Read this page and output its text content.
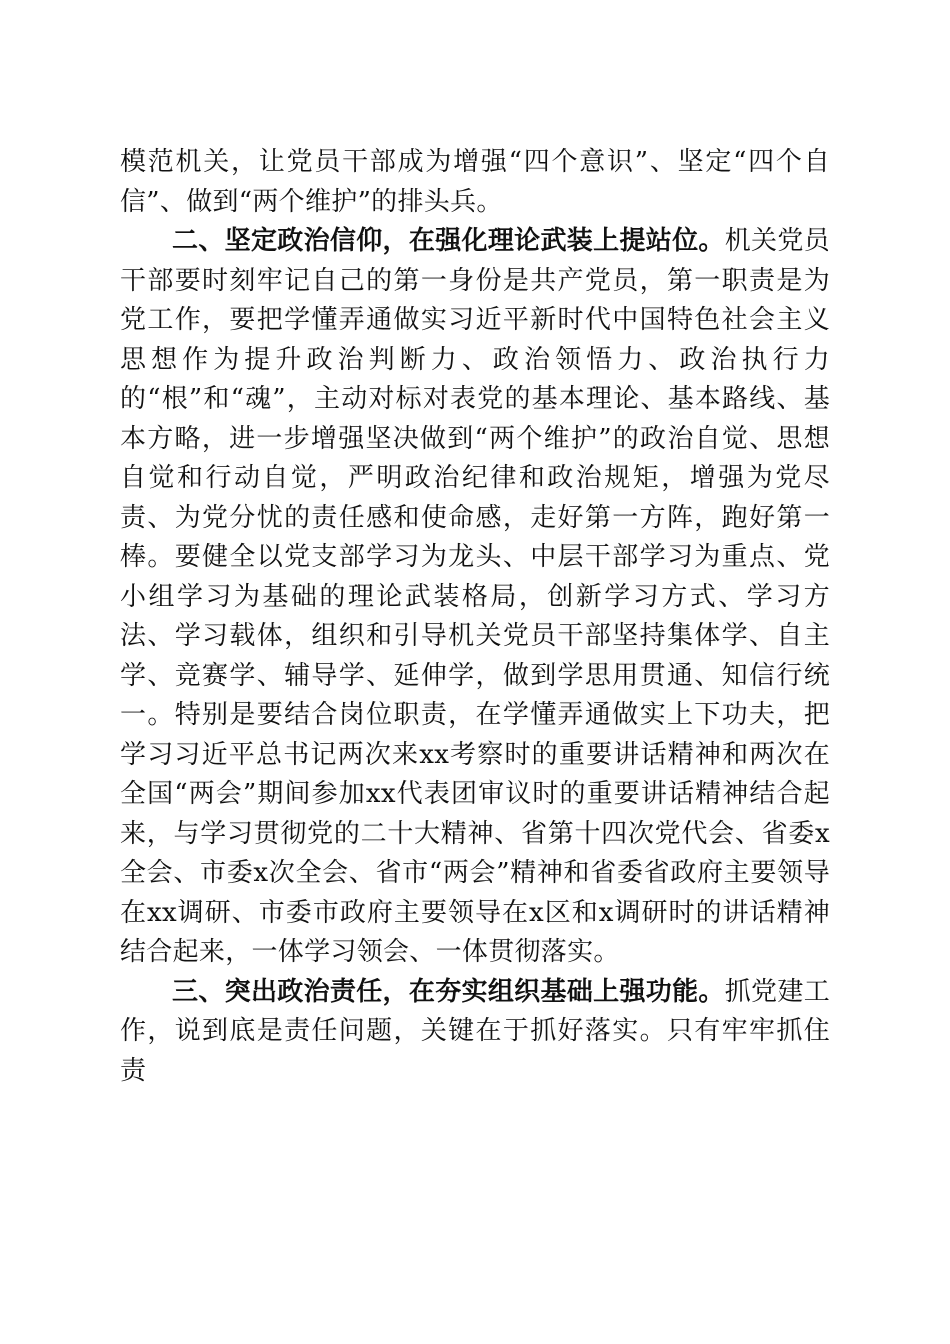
模范机关，让党员干部成为增强“四个意识”、坚定“四个自信”、做到“两个维护”的排头兵。

二、坚定政治信仰，在强化理论武装上提站位。机关党员干部要时刻牢记自己的第一身份是共产党员，第一职责是为党工作，要把学懂弄通做实习近平新时代中国特色社会主义思想作为提升政治判断力、政治领悟力、政治执行力的“根”和“魂”，主动对标对表党的基本理论、基本路线、基本方略，进一步增强坚决做到“两个维护”的政治自觉、思想自觉和行动自觉，严明政治纪律和政治规矩，增强为党尽责、为党分忧的责任感和使命感，走好第一方阵，跑好第一棒。要健全以党支部学习为龙头、中层干部学习为重点、党小组学习为基础的理论武装格局，创新学习方式、学习方法、学习载体，组织和引导机关党员干部坚持集体学、自主学、竞赛学、辅导学、延伸学，做到学思用贯通、知信行统一。特别是要结合岗位职责，在学懂弄通做实上下功夫，把学习习近平总书记两次来xx考察时的重要讲话精神和两次在全国“两会”期间参加xx代表团审议时的重要讲话精神结合起来，与学习贯彻党的二十大精神、省第十四次党代会、省委x全会、市委x次全会、省市“两会”精神和省委省政府主要领导在xx调研、市委市政府主要领导在x区和x调研时的讲话精神结合起来，一体学习领会、一体贯彻落实。

三、突出政治责任，在夯实组织基础上强功能。抓党建工作，说到底是责任问题，关键在于抓好落实。只有牢牢抓住责
